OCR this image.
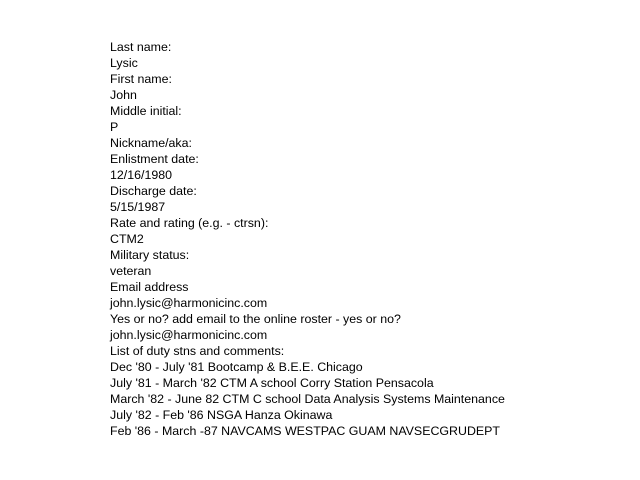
Last name:
Lysic
First name:
John
Middle initial:
P
Nickname/aka:
Enlistment date:
12/16/1980
Discharge date:
5/15/1987
Rate and rating (e.g. - ctrsn):
CTM2
Military status:
veteran
Email address
john.lysic@harmonicinc.com
Yes or no? add email to the online roster - yes or no?
john.lysic@harmonicinc.com
List of duty stns and comments:
Dec '80 - July '81 Bootcamp & B.E.E. Chicago
July '81 - March '82 CTM A school Corry Station Pensacola
March '82 - June 82 CTM C school Data Analysis Systems Maintenance
July '82 - Feb '86 NSGA Hanza Okinawa
Feb '86 - March -87 NAVCAMS WESTPAC GUAM NAVSECGRUDEPT
